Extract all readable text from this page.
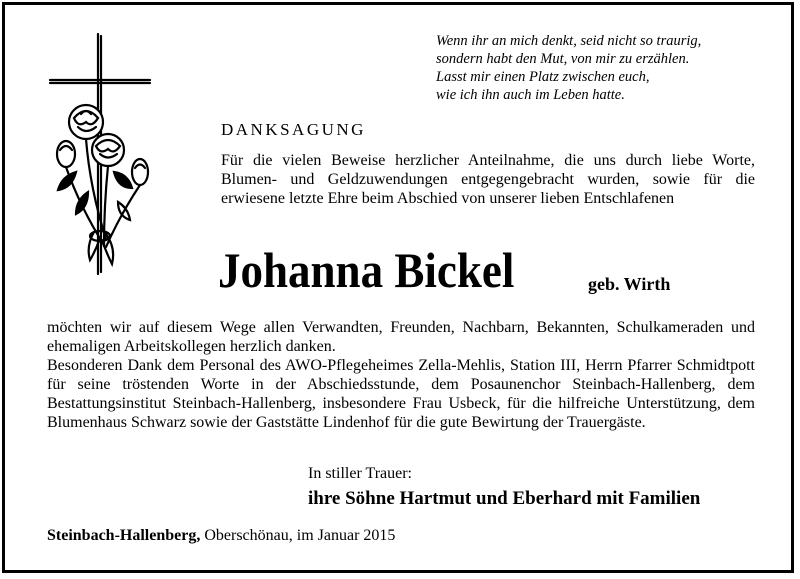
Wenn ihr an mich denkt, seid nicht so traurig,
sondern habt den Mut, von mir zu erzählen.
Lasst mir einen Platz zwischen euch,
wie ich ihn auch im Leben hatte.
DANKSAGUNG

Für die vielen Beweise herzlicher Anteilnahme, die uns durch liebe Worte, Blumen- und Geldzuwendungen entgegengebracht wurden, sowie für die erwiesene letzte Ehre beim Abschied von unserer lieben Entschlafenen

Johanna Bickel	geb. Wirth

möchten wir auf diesem Wege allen Verwandten, Freunden, Nachbarn, Bekannten, Schulkameraden und ehemaligen Arbeitskollegen herzlich danken.

Besonderen Dank dem Personal des AWO-Pflegeheimes Zella-Mehlis, Station III, Herrn Pfarrer Schmidtpott für seine tröstenden Worte in der Abschiedsstunde, dem Posaunenchor Steinbach-Hallenberg, dem Bestattungsinstitut Steinbach-Hallenberg, insbesondere Frau Usbeck, für die hilfreiche Unterstützung, dem Blumenhaus Schwarz sowie der Gaststätte Lindenhof für die gute Bewirtung der Trauergäste.

In stiller Trauer:
ihre Söhne Hartmut und Eberhard mit Familien
Steinbach-Hallenberg, Oberschönau, im Januar 2015
